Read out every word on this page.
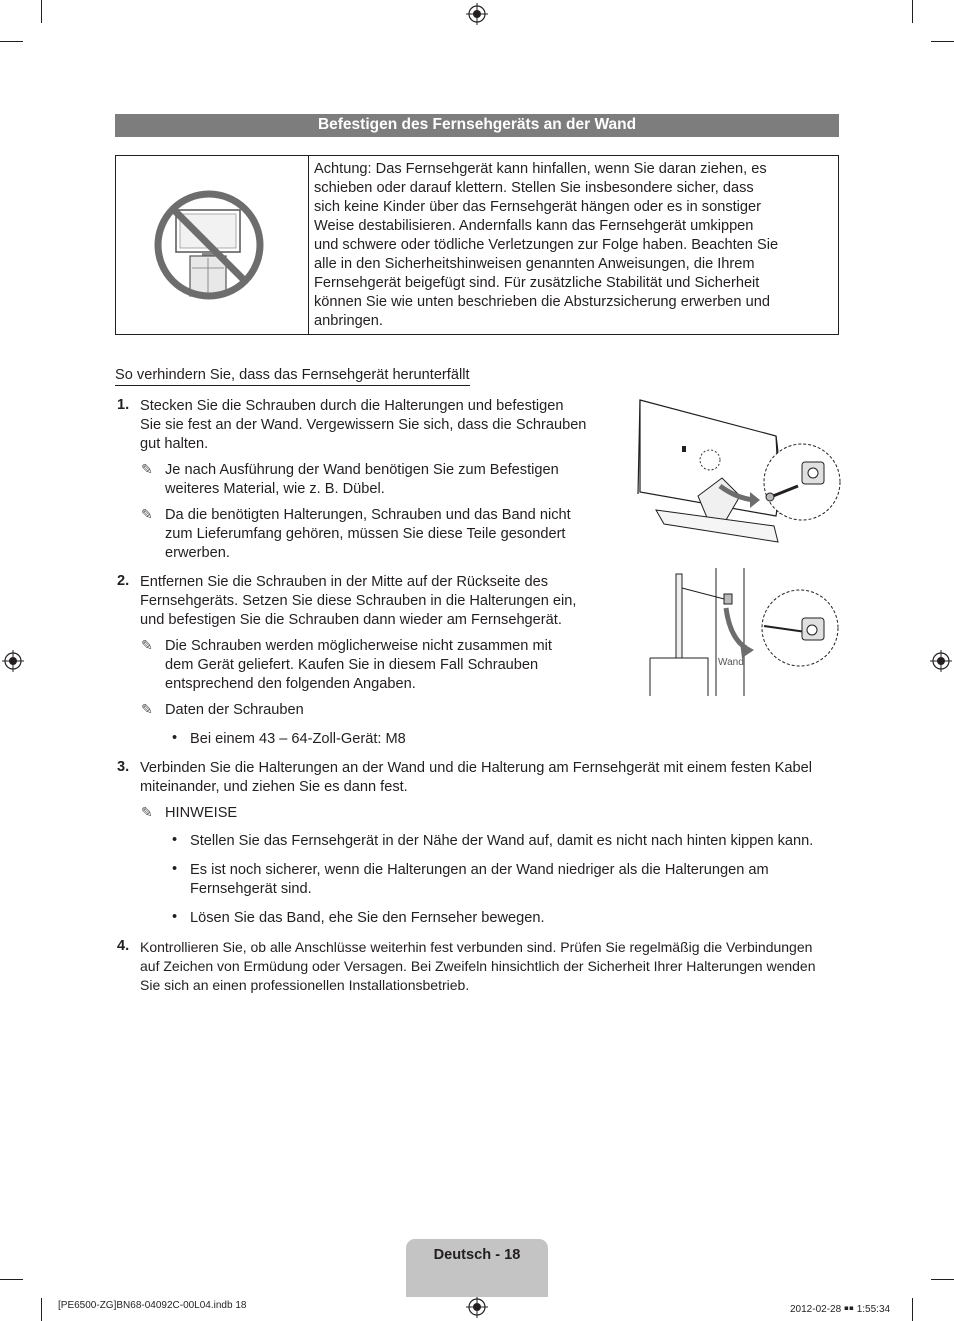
Befestigen des Fernsehgeräts an der Wand
Achtung: Das Fernsehgerät kann hinfallen, wenn Sie daran ziehen, es
schieben oder darauf klettern. Stellen Sie insbesondere sicher, dass
sich keine Kinder über das Fernsehgerät hängen oder es in sonstiger
Weise destabilisieren. Andernfalls kann das Fernsehgerät umkippen
und schwere oder tödliche Verletzungen zur Folge haben. Beachten Sie
alle in den Sicherheitshinweisen genannten Anweisungen, die Ihrem
Fernsehgerät beigefügt sind. Für zusätzliche Stabilität und Sicherheit
können Sie wie unten beschrieben die Absturzsicherung erwerben und
anbringen.
So verhindern Sie, dass das Fernsehgerät herunterfällt
1. Stecken Sie die Schrauben durch die Halterungen und befestigen
Sie sie fest an der Wand. Vergewissern Sie sich, dass die Schrauben
gut halten.
✎ Je nach Ausführung der Wand benötigen Sie zum Befestigen
weiteres Material, wie z. B. Dübel.
✎ Da die benötigten Halterungen, Schrauben und das Band nicht
zum Lieferumfang gehören, müssen Sie diese Teile gesondert
erwerben.
2. Entfernen Sie die Schrauben in der Mitte auf der Rückseite des
Fernsehgeräts. Setzen Sie diese Schrauben in die Halterungen ein,
und befestigen Sie die Schrauben dann wieder am Fernsehgerät.
✎ Die Schrauben werden möglicherweise nicht zusammen mit
dem Gerät geliefert. Kaufen Sie in diesem Fall Schrauben
entsprechend den folgenden Angaben.
✎ Daten der Schrauben
• Bei einem 43 – 64-Zoll-Gerät: M8
Wand
3. Verbinden Sie die Halterungen an der Wand und die Halterung am Fernsehgerät mit einem festen Kabel
miteinander, und ziehen Sie es dann fest.
✎ HINWEISE
• Stellen Sie das Fernsehgerät in der Nähe der Wand auf, damit es nicht nach hinten kippen kann.
• Es ist noch sicherer, wenn die Halterungen an der Wand niedriger als die Halterungen am
Fernsehgerät sind.
• Lösen Sie das Band, ehe Sie den Fernseher bewegen.
4. Kontrollieren Sie, ob alle Anschlüsse weiterhin fest verbunden sind. Prüfen Sie regelmäßig die Verbindungen
auf Zeichen von Ermüdung oder Versagen. Bei Zweifeln hinsichtlich der Sicherheit Ihrer Halterungen wenden
Sie sich an einen professionellen Installationsbetrieb.
Deutsch - 18
[PE6500-ZG]BN68-04092C-00L04.indb 18	2012-02-28 ￭￭ 1:55:34
